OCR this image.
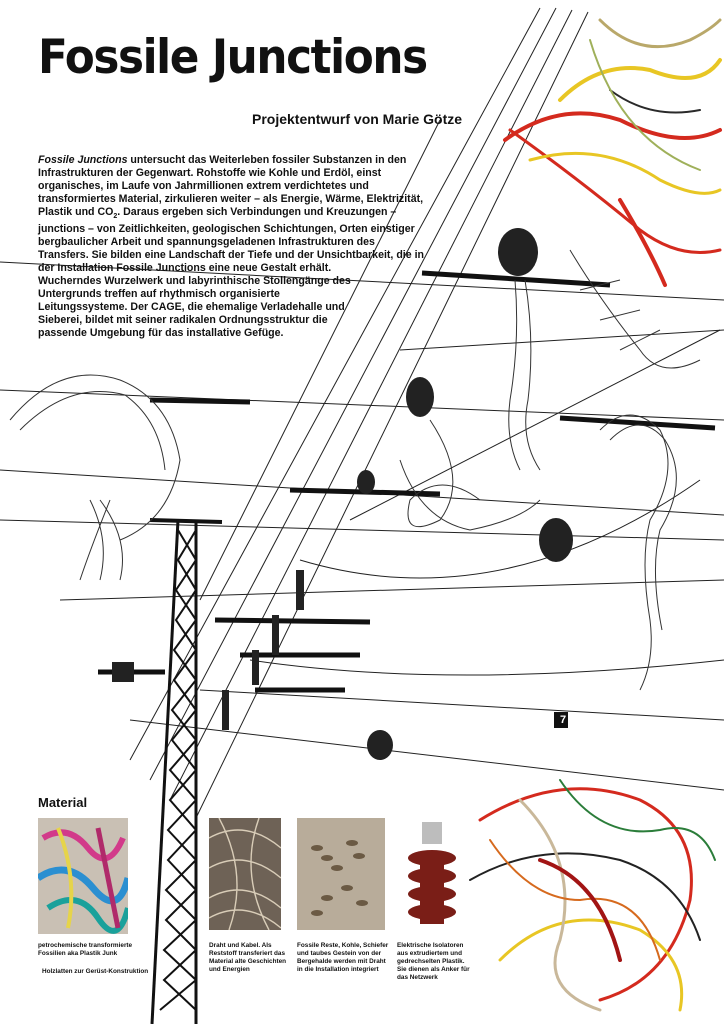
Fossile Junctions
Projektentwurf von Marie Götze
Fossile Junctions untersucht das Weiterleben fossiler Substanzen in den Infrastrukturen der Gegenwart. Rohstoffe wie Kohle und Erdöl, einst organisches, im Laufe von Jahrmillionen extrem verdichtetes und transformiertes Material, zirkulieren weiter – als Energie, Wärme, Elektrizität, Plastik und $CO_2$. Daraus ergeben sich Verbindungen und Kreuzungen – junctions – von Zeitlichkeiten, geologischen Schichtungen, Orten einstiger bergbaulicher Arbeit und spannungsgeladenen Infrastrukturen des Transfers. Sie bilden eine Landschaft der Tiefe und der Unsichtbarkeit, die in der Installation Fossile Junctions eine neue Gestalt erhält.
Wucherndes Wurzelwerk und labyrinthische Stollengänge des Untergrunds treffen auf rhythmisch organisierte Leitungssysteme. Der CAGE, die ehemalige Verladehalle und Sieberei, bildet mit seiner radikalen Ordnungsstruktur die passende Umgebung für das installative Gefüge.
7
Material
petrochemische transformierte Fossilien aka Plastik Junk
Holzlatten zur Gerüst-Konstruktion
Draht und Kabel. Als Reststoff transferiert das Material alte Geschichten und Energien
Fossile Reste, Kohle, Schiefer und taubes Gestein von der Bergehalde werden mit Draht in die Installation integriert
Elektrische Isolatoren aus extrudiertem und gedrechselten Plastik. Sie dienen als Anker für das Netzwerk
